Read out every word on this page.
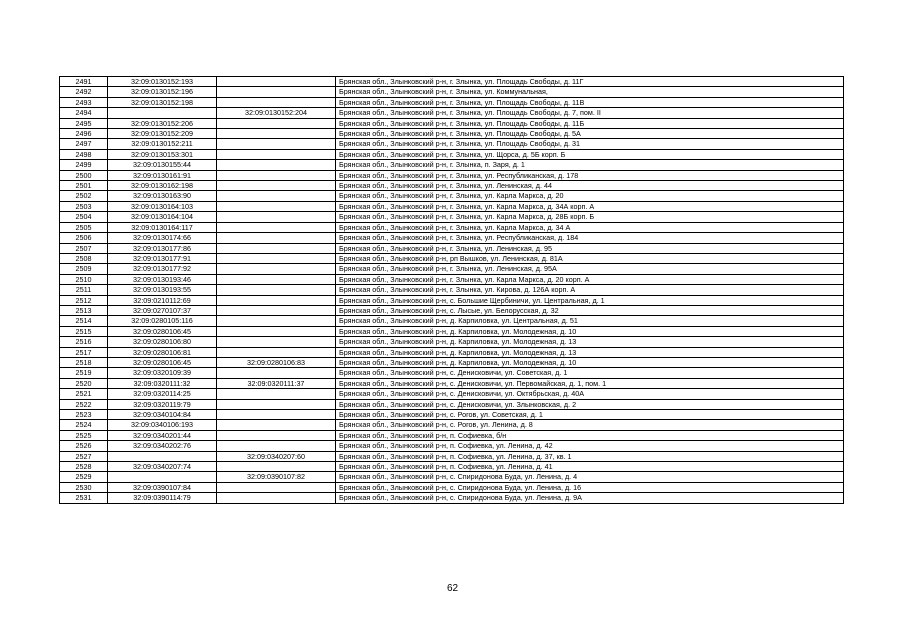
2491	32:09:0130152:193		Брянская обл., Злынковский р-н, г. Злынка, ул. Площадь Свободы, д. 11Г
2492	32:09:0130152:196		Брянская обл., Злынковский р-н, г. Злынка, ул. Коммунальная,
2493	32:09:0130152:198		Брянская обл., Злынковский р-н, г. Злынка, ул. Площадь Свободы, д. 11В
2494		32:09:0130152:204	Брянская обл., Злынковский р-н, г. Злынка, ул. Площадь Свободы, д. 7, пом. II
2495	32:09:0130152:206		Брянская обл., Злынковский р-н, г. Злынка, ул. Площадь Свободы, д. 11Б
2496	32:09:0130152:209		Брянская обл., Злынковский р-н, г. Злынка, ул. Площадь Свободы, д. 5А
2497	32:09:0130152:211		Брянская обл., Злынковский р-н, г. Злынка, ул. Площадь Свободы, д. 31
2498	32:09:0130153:301		Брянская обл., Злынковский р-н, г. Злынка, ул. Щорса, д. 5Б корп. Б
2499	32:09:0130155:44		Брянская обл., Злынковский р-н, г. Злынка, п. Заря, д. 1
2500	32:09:0130161:91		Брянская обл., Злынковский р-н, г. Злынка, ул. Республиканская, д. 178
2501	32:09:0130162:198		Брянская обл., Злынковский р-н, г. Злынка, ул. Ленинская, д. 44
2502	32:09:0130163:90		Брянская обл., Злынковский р-н, г. Злынка, ул. Карла Маркса, д. 20
2503	32:09:0130164:103		Брянская обл., Злынковский р-н, г. Злынка, ул. Карла Маркса, д. 34А корп. А
2504	32:09:0130164:104		Брянская обл., Злынковский р-н, г. Злынка, ул. Карла Маркса, д. 28Б корп. Б
2505	32:09:0130164:117		Брянская обл., Злынковский р-н, г. Злынка, ул. Карла Маркса, д. 34 А
2506	32:09:0130174:66		Брянская обл., Злынковский р-н, г. Злынка, ул. Республиканская, д. 184
2507	32:09:0130177:86		Брянская обл., Злынковский р-н, г. Злынка, ул. Ленинская, д. 95
2508	32:09:0130177:91		Брянская обл., Злынковский р-н, рп Вышков, ул. Ленинская, д. 81А
2509	32:09:0130177:92		Брянская обл., Злынковский р-н, г. Злынка, ул. Ленинская, д. 95А
2510	32:09:0130193:46		Брянская обл., Злынковский р-н, г. Злынка, ул. Карла Маркса, д. 20 корп. А
2511	32:09:0130193:55		Брянская обл., Злынковский р-н, г. Злынка, ул. Кирова, д. 126А корп. А
2512	32:09:0210112:69		Брянская обл., Злынковский р-н, с. Большие Щербиничи, ул. Центральная, д. 1
2513	32:09:0270107:37		Брянская обл., Злынковский р-н, с. Лысые, ул. Белорусская, д. 32
2514	32:09:0280105:116		Брянская обл., Злынковский р-н, д. Карпиловка, ул. Центральная, д. 51
2515	32:09:0280106:45		Брянская обл., Злынковский р-н, д. Карпиловка, ул. Молодежная, д. 10
2516	32:09:0280106:80		Брянская обл., Злынковский р-н, д. Карпиловка, ул. Молодежная, д. 13
2517	32:09:0280106:81		Брянская обл., Злынковский р-н, д. Карпиловка, ул. Молодежная, д. 13
2518	32:09:0280106:45	32:09:0280106:83	Брянская обл., Злынковский р-н, д. Карпиловка, ул. Молодежная, д. 10
2519	32:09:0320109:39		Брянская обл., Злынковский р-н, с. Денисковичи, ул. Советская, д. 1
2520	32:09:0320111:32	32:09:0320111:37	Брянская обл., Злынковский р-н, с. Денисковичи, ул. Первомайская, д. 1, пом. 1
2521	32:09:0320114:25		Брянская обл., Злынковский р-н, с. Денисковичи, ул. Октябрьская, д. 40А
2522	32:09:0320119:79		Брянская обл., Злынковский р-н, с. Денисковичи, ул. Злынковская, д. 2
2523	32:09:0340104:84		Брянская обл., Злынковский р-н, с. Рогов, ул. Советская, д. 1
2524	32:09:0340106:193		Брянская обл., Злынковский р-н, с. Рогов, ул. Ленина, д. 8
2525	32:09:0340201:44		Брянская обл., Злынковский р-н, п. Софиевка, б/н
2526	32:09:0340202:76		Брянская обл., Злынковский р-н, п. Софиевка, ул. Ленина, д. 42
2527		32:09:0340207:60	Брянская обл., Злынковский р-н, п. Софиевка, ул. Ленина, д. 37, кв. 1
2528	32:09:0340207:74		Брянская обл., Злынковский р-н, п. Софиевка, ул. Ленина, д. 41
2529		32:09:0390107:82	Брянская обл., Злынковский р-н, с. Спиридонова Буда, ул. Ленина, д. 4
2530	32:09:0390107:84		Брянская обл., Злынковский р-н, с. Спиридонова Буда, ул. Ленина, д. 16
2531	32:09:0390114:79		Брянская обл., Злынковский р-н, с. Спиридонова Буда, ул. Ленина, д. 9А
62
